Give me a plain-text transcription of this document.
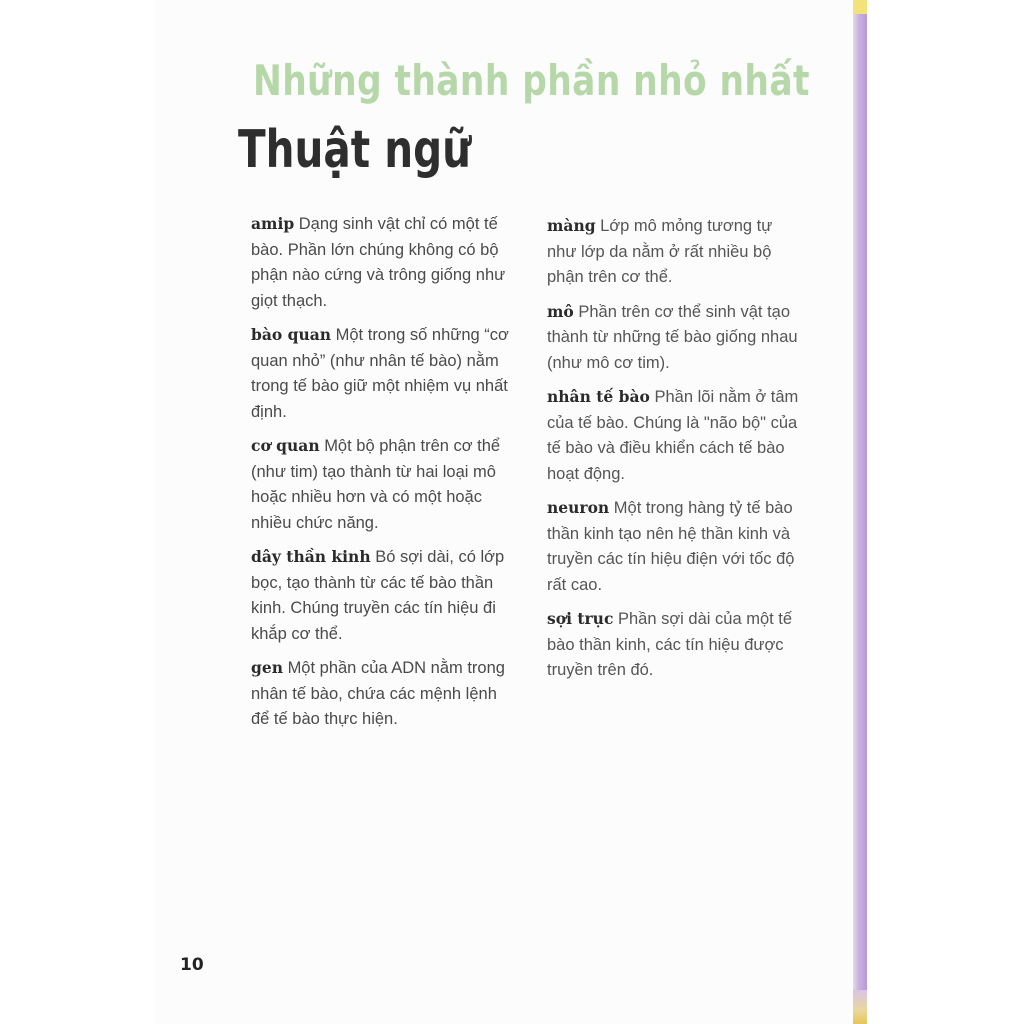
Những thành phần nhỏ nhất
Thuật ngữ

amip Dạng sinh vật chỉ có một tế bào. Phần lớn chúng không có bộ phận nào cứng và trông giống như giọt thạch.

bào quan Một trong số những “cơ quan nhỏ” (như nhân tế bào) nằm trong tế bào giữ một nhiệm vụ nhất định.

cơ quan Một bộ phận trên cơ thể (như tim) tạo thành từ hai loại mô hoặc nhiều hơn và có một hoặc nhiều chức năng.

dây thần kinh Bó sợi dài, có lớp bọc, tạo thành từ các tế bào thần kinh. Chúng truyền các tín hiệu đi khắp cơ thể.

gen Một phần của ADN nằm trong nhân tế bào, chứa các mệnh lệnh để tế bào thực hiện.

màng Lớp mô mỏng tương tự như lớp da nằm ở rất nhiều bộ phận trên cơ thể.

mô Phần trên cơ thể sinh vật tạo thành từ những tế bào giống nhau (như mô cơ tim).

nhân tế bào Phần lõi nằm ở tâm của tế bào. Chúng là "não bộ" của tế bào và điều khiển cách tế bào hoạt động.

neuron Một trong hàng tỷ tế bào thần kinh tạo nên hệ thần kinh và truyền các tín hiệu điện với tốc độ rất cao.

sợi trục Phần sợi dài của một tế bào thần kinh, các tín hiệu được truyền trên đó.

10
